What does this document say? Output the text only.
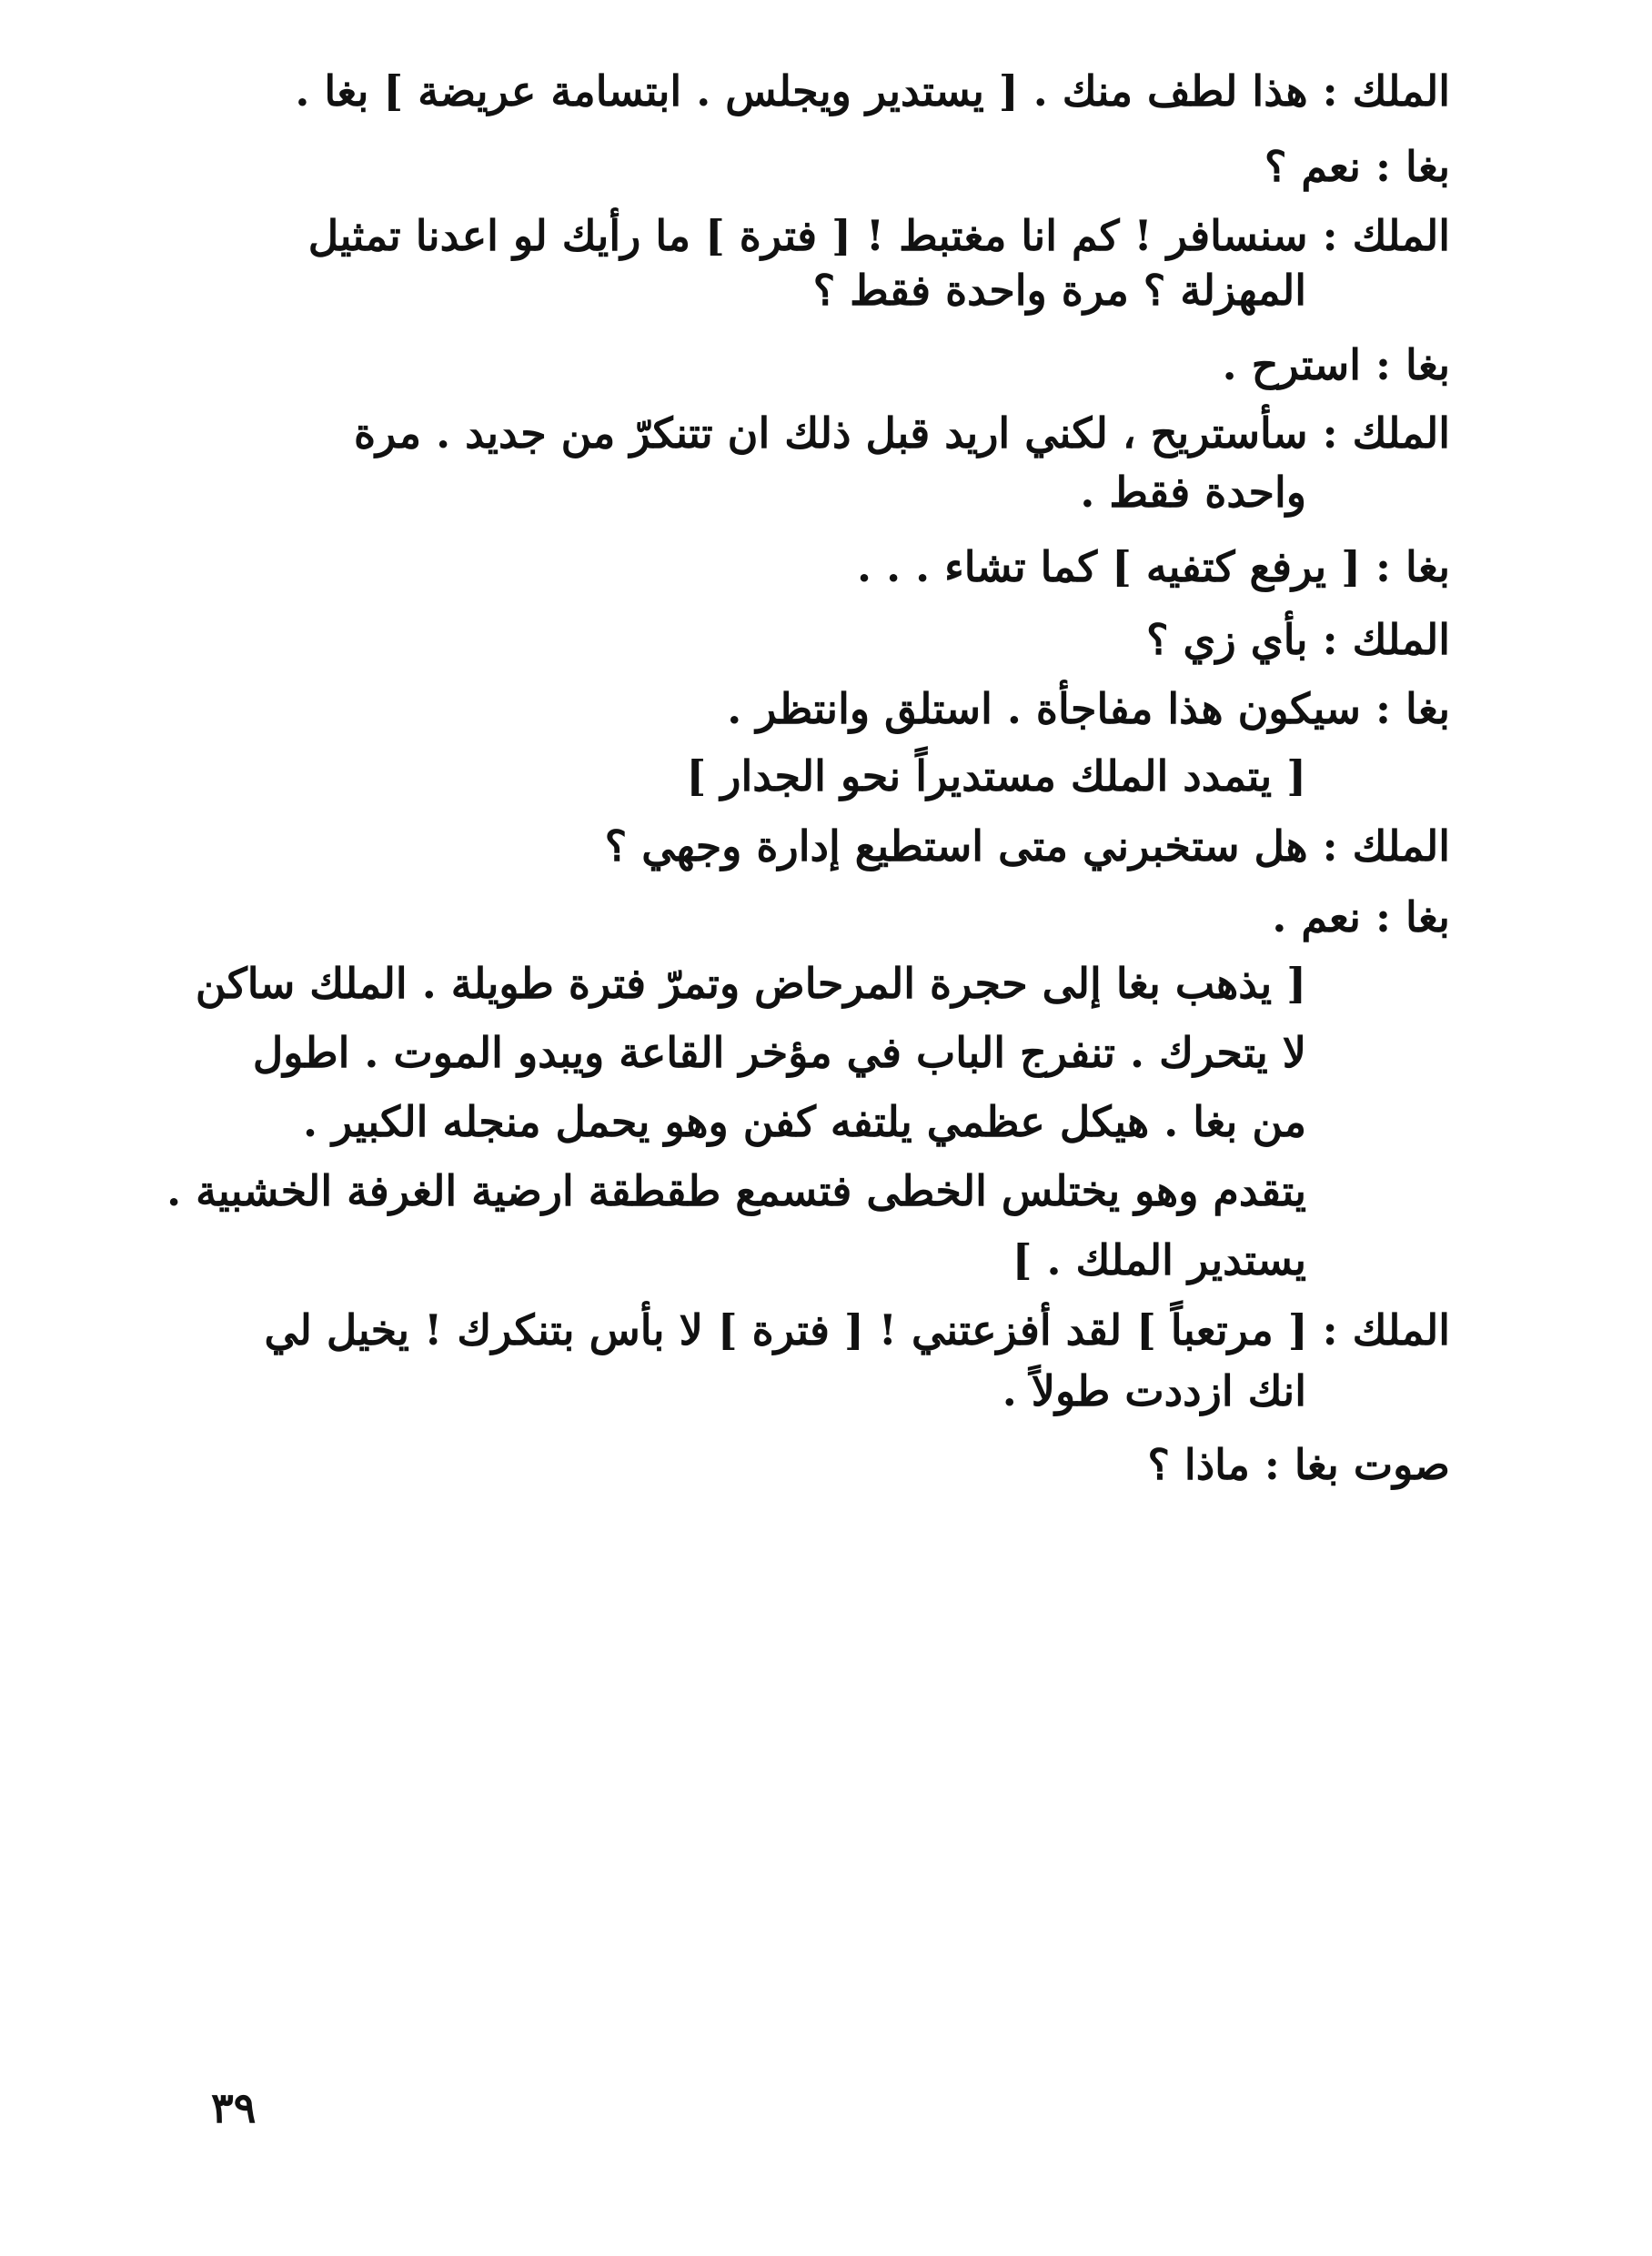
الملك : هذا لطف منك . [ يستدير ويجلس . ابتسامة عريضة ] بغا .
بغا : نعم ؟
الملك : سنسافر ! كم انا مغتبط ! [ فترة ] ما رأيك لو اعدنا تمثيل
المهزلة ؟ مرة واحدة فقط ؟
بغا : استرح .
الملك : سأستريح ، لكني اريد قبل ذلك ان تتنكرّ من جديد . مرة
واحدة فقط .
بغا : [ يرفع كتفيه ] كما تشاء . . .
الملك : بأي زي ؟
بغا : سيكون هذا مفاجأة . استلق وانتظر .
[ يتمدد الملك مستديراً نحو الجدار ]
الملك : هل ستخبرني متى استطيع إدارة وجهي ؟
بغا : نعم .
[ يذهب بغا إلى حجرة المرحاض وتمرّ فترة طويلة . الملك ساكن
لا يتحرك . تنفرج الباب في مؤخر القاعة ويبدو الموت . اطول
من بغا . هيكل عظمي يلتفه كفن وهو يحمل منجله الكبير .
يتقدم وهو يختلس الخطى فتسمع طقطقة ارضية الغرفة الخشبية .
يستدير الملك . ]
الملك : [ مرتعباً ] لقد أفزعتني ! [ فترة ] لا بأس بتنكرك ! يخيل لي
انك ازددت طولاً .
صوت بغا : ماذا ؟
٣٩
